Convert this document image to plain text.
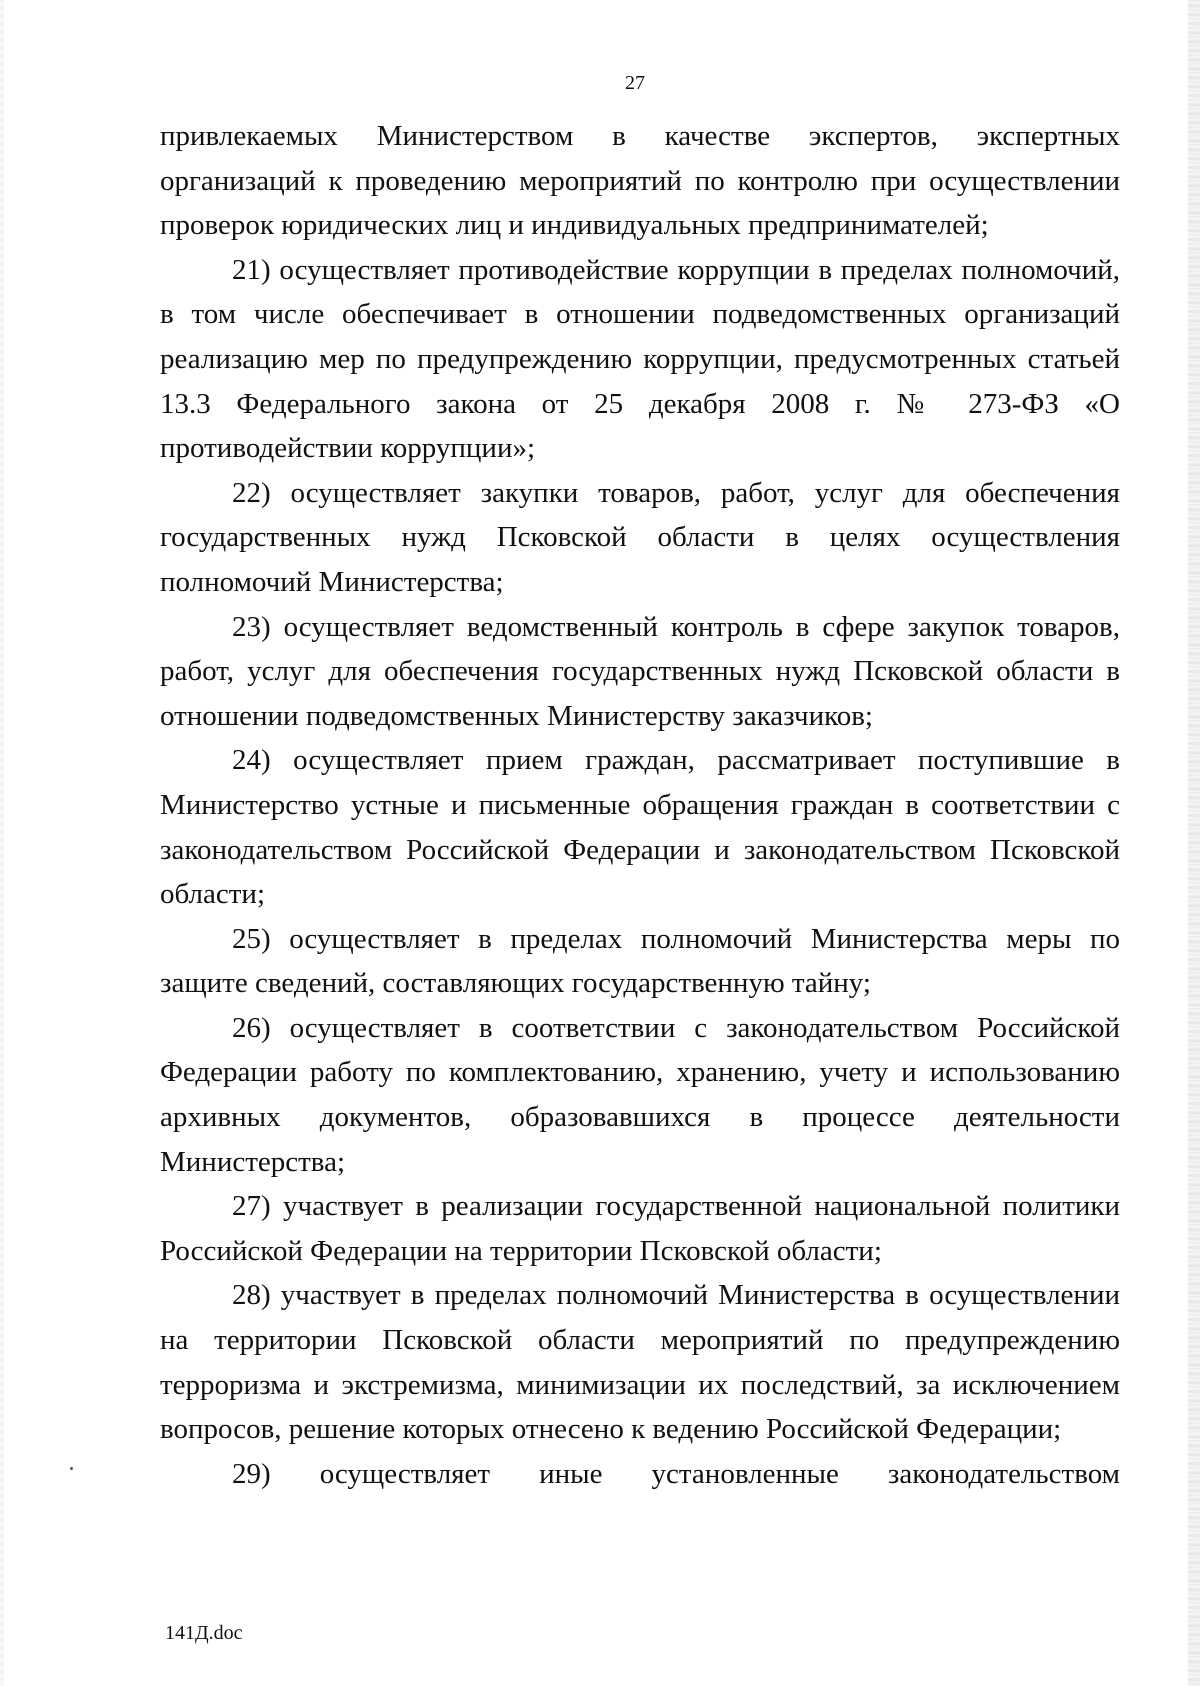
27

привлекаемых Министерством в качестве экспертов, экспертных организаций к проведению мероприятий по контролю при осуществлении проверок юридических лиц и индивидуальных предпринимателей;

21) осуществляет противодействие коррупции в пределах полномочий, в том числе обеспечивает в отношении подведомственных организаций реализацию мер по предупреждению коррупции, предусмотренных статьей 13.3 Федерального закона от 25 декабря 2008 г. № 273-ФЗ «О противодействии коррупции»;

22) осуществляет закупки товаров, работ, услуг для обеспечения государственных нужд Псковской области в целях осуществления полномочий Министерства;

23) осуществляет ведомственный контроль в сфере закупок товаров, работ, услуг для обеспечения государственных нужд Псковской области в отношении подведомственных Министерству заказчиков;

24) осуществляет прием граждан, рассматривает поступившие в Министерство устные и письменные обращения граждан в соответствии с законодательством Российской Федерации и законодательством Псковской области;

25) осуществляет в пределах полномочий Министерства меры по защите сведений, составляющих государственную тайну;

26) осуществляет в соответствии с законодательством Российской Федерации работу по комплектованию, хранению, учету и использованию архивных документов, образовавшихся в процессе деятельности Министерства;

27) участвует в реализации государственной национальной политики Российской Федерации на территории Псковской области;

28) участвует в пределах полномочий Министерства в осуществлении на территории Псковской области мероприятий по предупреждению терроризма и экстремизма, минимизации их последствий, за исключением вопросов, решение которых отнесено к ведению Российской Федерации;

29) осуществляет иные установленные законодательством

141Д.doc
